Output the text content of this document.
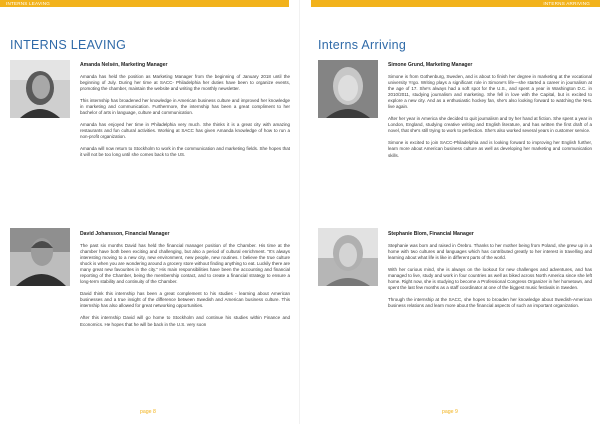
INTERNS LEAVING
INTERNS LEAVING
Amanda Nelsén, Marketing Manager

Amanda has held the position as Marketing Manager from the beginning of January 2018 until the beginning of July. During her time at SACC- Philadelphia her duties have been to organize events, promoting the chamber, maintain the website and writing the monthly newsletter.

This internship has broadened her knowledge in American business culture and improved her knowledge in marketing and communication. Furthermore, the internship has been a great compliment to her bachelor of arts in language, culture and communication.

Amanda has enjoyed her time in Philadelphia very much. She thinks it is a great city with amazing restaurants and fun cultural activities. Working at SACC has given Amanda knowledge of how to run a non-profit organization.

Amanda will now return to Stockholm to work in the communication and marketing fields. She hopes that it will not be too long until she comes back to the US.

David Johansson, Financial Manager

The past six months David has held the financial manager position of the Chamber. His time at the chamber have both been exciting and challenging, but also a period of cultural enrichment. "It's always interesting moving to a new city, new environment, new people, new routines. I believe the true culture shock is when you are wondering around a grocery store without finding anything to eat. Luckily there are many great new favourites in the city." His main responsibilities have been the accounting and financial reporting of the Chamber, being the membership contact, and to create a financial strategy to ensure a long-term stability and continuity of the Chamber.

David think this internship has been a great complement to his studies - learning about American businesses and a true insight of the difference between Swedish and American business culture. This internship has also allowed for great networking opportunities.

After this internship David will go home to Stockholm and continue his studies within Finance and Economics. He hopes that he will be back in the U.S. very soon

page 8
INTERNS ARRIVING
Interns Arriving
Simone Grund, Marketing Manager

Simone is from Gothenburg, Sweden, and is about to finish her degree in marketing at the vocational university Yrgo. Writing plays a significant role in Simone's life—she started a career in journalism at the age of 17. She's always had a soft spot for the U.S., and spent a year in Washington D.C. in 2010/2011, studying journalism and marketing. She fell in love with the Capital, but is excited to explore a new city. And as a enthusiastic hockey fan, she's also looking forward to watching the NHL live again.

After her year in America she decided to quit journalism and try her hand at fiction. She spent a year in London, England, studying creative writing and English literature, and has written the first draft of a novel, that she's still trying to work to perfection. She's also worked several years in customer service.

Simone is excited to join SACC-Philadelphia and is looking forward to improving her English further, learn more about American business culture as well as developing her marketing and communication skills.

Stephanie Blom, Financial Manager

Stephanie was born and raised in Örebro. Thanks to her mother being from Poland, she grew up in a home with two cultures and languages which has contributed greatly to her interest in travelling and learning about what life is like in different parts of the world.

With her curious mind, she is always on the lookout for new challenges and adventures, and has managed to live, study and work in four countries as well as biked across North America since she left home. Right now, she is studying to become a Professional Congress Organizer in her hometown, and spent the last few months as a staff coordinator at one of the biggest music festivals in Sweden.

Through the internship at the SACC, she hopes to broaden her knowledge about Swedish-American business relations and learn more about the financial aspects of such an important organization.

page 9
